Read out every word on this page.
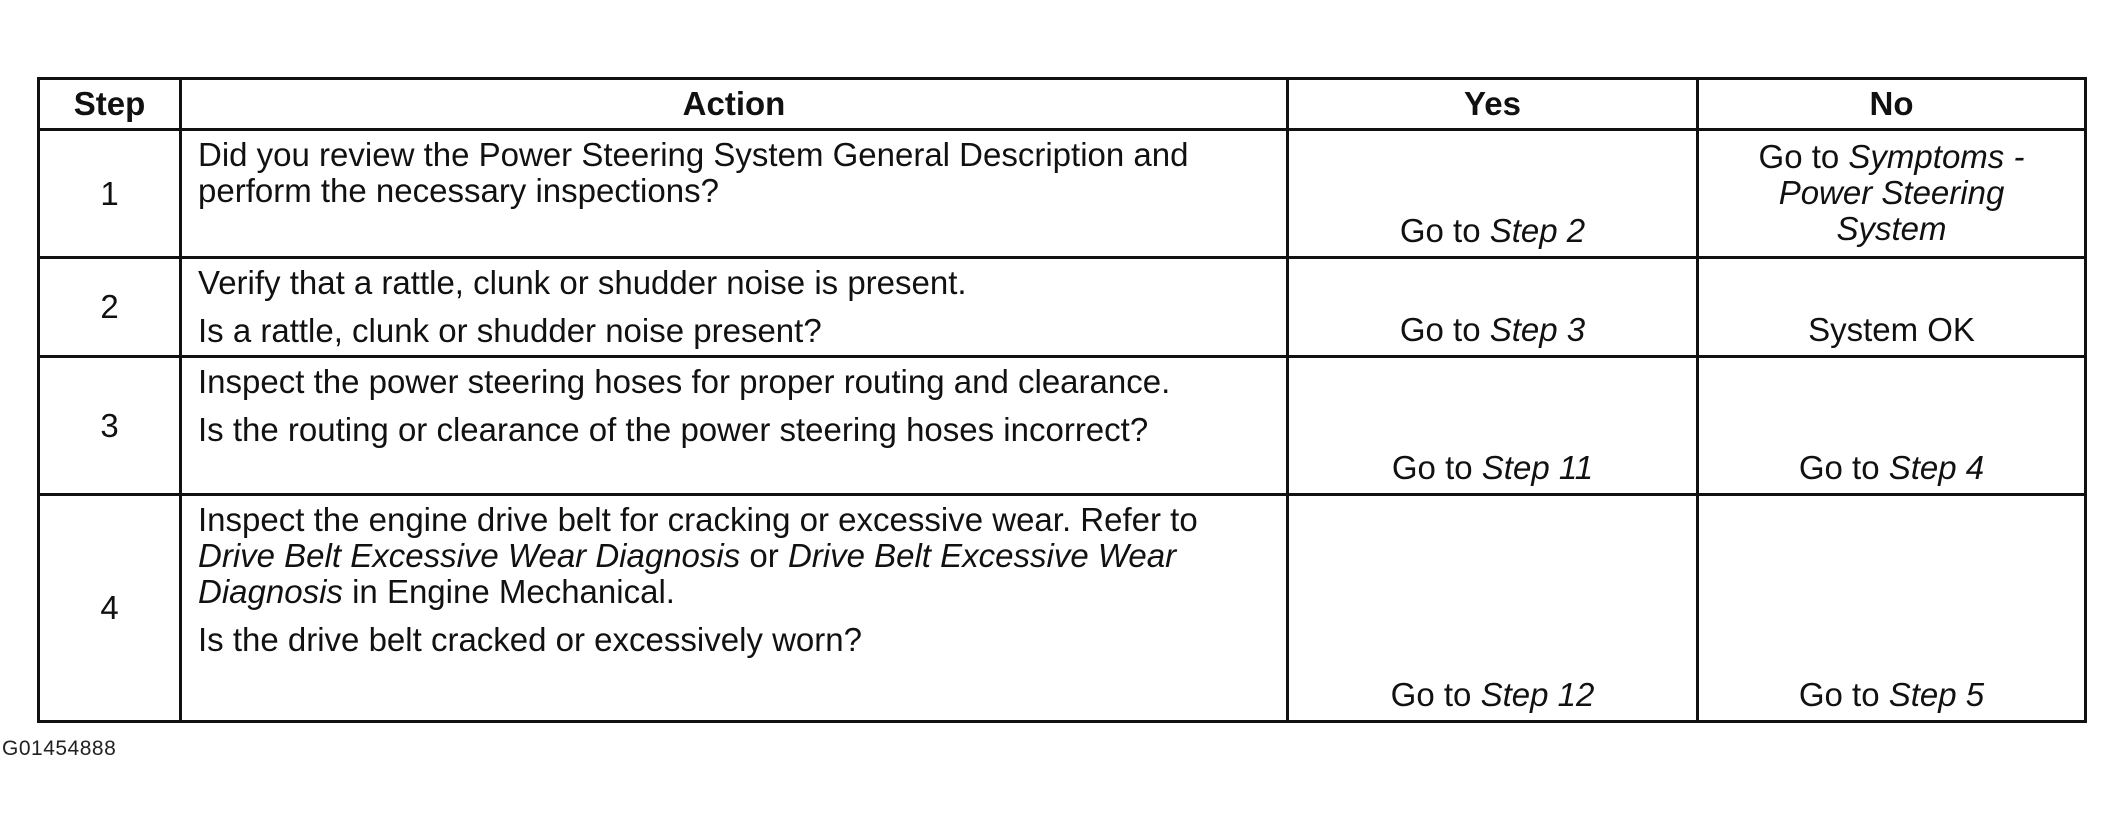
Step	Action	Yes	No
1	Did you review the Power Steering System General Description and perform the necessary inspections?	Go to Step 2	Go to Symptoms -
Power Steering
System

2	Verify that a rattle, clunk or shudder noise is present.
Is a rattle, clunk or shudder noise present?	Go to Step 3	System OK

3	Inspect the power steering hoses for proper routing and clearance.
Is the routing or clearance of the power steering hoses incorrect?	Go to Step 11	Go to Step 4

4	Inspect the engine drive belt for cracking or excessive wear. Refer to Drive Belt Excessive Wear Diagnosis or Drive Belt Excessive Wear Diagnosis in Engine Mechanical.
Is the drive belt cracked or excessively worn?	Go to Step 12	Go to Step 5
G01454888
